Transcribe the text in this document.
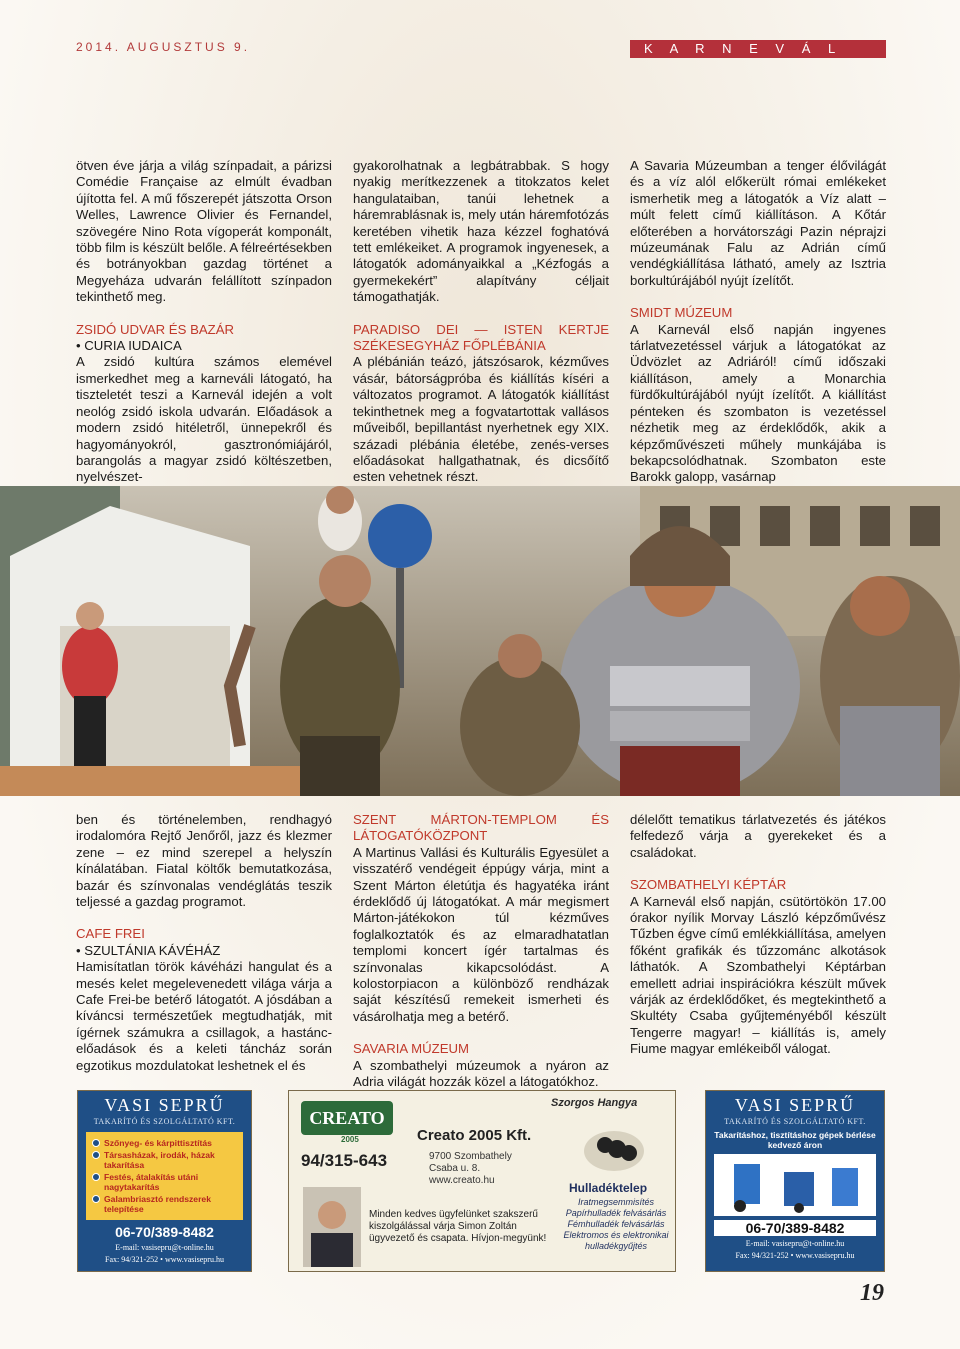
2014. AUGUSZTUS 9.	K A R N E V Á L

ötven éve járja a világ színpadait, a párizsi Comédie Française az elmúlt évadban újította fel. A mű főszerepét játszotta Orson Welles, Lawrence Olivier és Fernandel, szövegére Nino Rota vígoperát komponált, több film is készült belőle. A félreértésekben és botrányokban gazdag történet a Megyeháza udvarán felállított színpadon tekinthető meg.

ZSIDÓ UDVAR ÉS BAZÁR

• CURIA IUDAICA

A zsidó kultúra számos elemével ismerkedhet meg a karneváli látogató, ha tiszteletét teszi a Karnevál idején a volt neológ zsidó iskola udvarán. Előadások a modern zsidó hitéletről, ünnepekről és hagyományokról, gasztronómiájáról, barangolás a magyar zsidó költészetben, nyelvészet-

gyakorolhatnak a legbátrabbak. S hogy nyakig merítkezzenek a titokzatos kelet hangulataiban, tanúi lehetnek a háremrablásnak is, mely után háremfotózás keretében vihetik haza kézzel foghatóvá tett emlékeiket. A programok ingyenesek, a látogatók adományaikkal a „Kézfogás a gyermekekért” alapítvány céljait támogathatják.

PARADISO DEI — ISTEN KERTJE SZÉKESEGYHÁZ FŐPLÉBÁNIA

A plébánián teázó, játszósarok, kézműves vásár, bátorságpróba és kiállítás kíséri a változatos programot. A látogatók kiállítást tekinthetnek meg a fogvatartottak vallásos műveiből, bepillantást nyerhetnek egy XIX. századi plébánia életébe, zenés-verses előadásokat hallgathatnak, és dicsőítő esten vehetnek részt.

A Savaria Múzeumban a tenger élővilágát és a víz alól előkerült római emlékeket ismerhetik meg a látogatók a Víz alatt – múlt felett című kiállításon. A Kőtár előterében a horvátországi Pazin néprajzi múzeumának Falu az Adrián című vendégkiállítása látható, amely az Isztria borkultúrájából nyújt ízelítőt.

SMIDT MÚZEUM

A Karnevál első napján ingyenes tárlatvezetéssel várjuk a látogatókat az Üdvözlet az Adriáról! című időszaki kiállításon, amely a Monarchia fürdőkultúrájából nyújt ízelítőt. A kiállítást pénteken és szombaton is vezetéssel nézhetik meg az érdeklődők, akik a képzőművészeti műhely munkájába is bekapcsolódhatnak. Szombaton este Barokk galopp, vasárnap

ben és történelemben, rendhagyó irodalomóra Rejtő Jenőről, jazz és klezmer zene – ez mind szerepel a helyszín kínálatában. Fiatal költők bemutatkozása, bazár és színvonalas vendéglátás teszik teljessé a gazdag programot.

CAFE FREI

• SZULTÁNIA KÁVÉHÁZ

Hamisítatlan török kávéházi hangulat és a mesés kelet megelevenedett világa várja a Cafe Frei-be betérő látogatót. A jósdában a kíváncsi természetűek megtudhatják, mit ígérnek számukra a csillagok, a hastánc-előadások és a keleti táncház során egzotikus mozdulatokat leshetnek el és

SZENT MÁRTON-TEMPLOM ÉS LÁTOGATÓKÖZPONT

A Martinus Vallási és Kulturális Egyesület a visszatérő vendégeit éppúgy várja, mint a Szent Márton életútja és hagyatéka iránt érdeklődő új látogatókat. A már megismert Márton-játékokon túl kézműves foglalkoztatók és az elmaradhatatlan templomi koncert ígér tartalmas és színvonalas kikapcsolódást. A kolostorpiacon a különböző rendházak saját készítésű remekeit ismerheti és vásárolhatja meg a betérő.

SAVARIA MÚZEUM

A szombathelyi múzeumok a nyáron az Adria világát hozzák közel a látogatókhoz.

délelőtt tematikus tárlatvezetés és játékos felfedező várja a gyerekeket és a családokat.

SZOMBATHELYI KÉPTÁR

A Karnevál első napján, csütörtökön 17.00 órakor nyílik Morvay László képzőművész Tűzben égve című emlékkiállítása, amelyen főként grafikák és tűzzománc alkotások láthatók. A Szombathelyi Képtárban emellett adriai inspirációkra készült művek várják az érdeklődőket, és megtekinthető a Skultéty Csaba gyűjteményéből készült Tengerre magyar! – kiállítás is, amely Fiume magyar emlékeiből válogat.

VASI SEPRŰ
TAKARÍTÓ ÉS SZOLGÁLTATÓ KFT.
Szőnyeg- és kárpittisztítás
Társasházak, irodák, házak takarítása
Festés, átalakítás utáni nagytakarítás
Galambriasztó rendszerek telepítése
06-70/389-8482
E-mail: vasisepru@t-online.hu
Fax: 94/321-252 • www.vasisepru.hu
CREATO
2005
94/315-643
Creato 2005 Kft.
9700 Szombathely
Csaba u. 8.
www.creato.hu
Minden kedves ügyfelünket szakszerű kiszolgálással várja Simon Zoltán ügyvezető és csapata. Hívjon-megyünk!
Szorgos Hangya
Hulladéktelep
Iratmegsemmisítés
Papírhulladék felvásárlás
Fémhulladék felvásárlás
Elektromos és elektronikai hulladékgyűjtés
VASI SEPRŰ
TAKARÍTÓ ÉS SZOLGÁLTATÓ KFT.
Takarításhoz, tisztításhoz gépek bérlése kedvező áron
06-70/389-8482
E-mail: vasisepru@t-online.hu
Fax: 94/321-252 • www.vasisepru.hu
19
